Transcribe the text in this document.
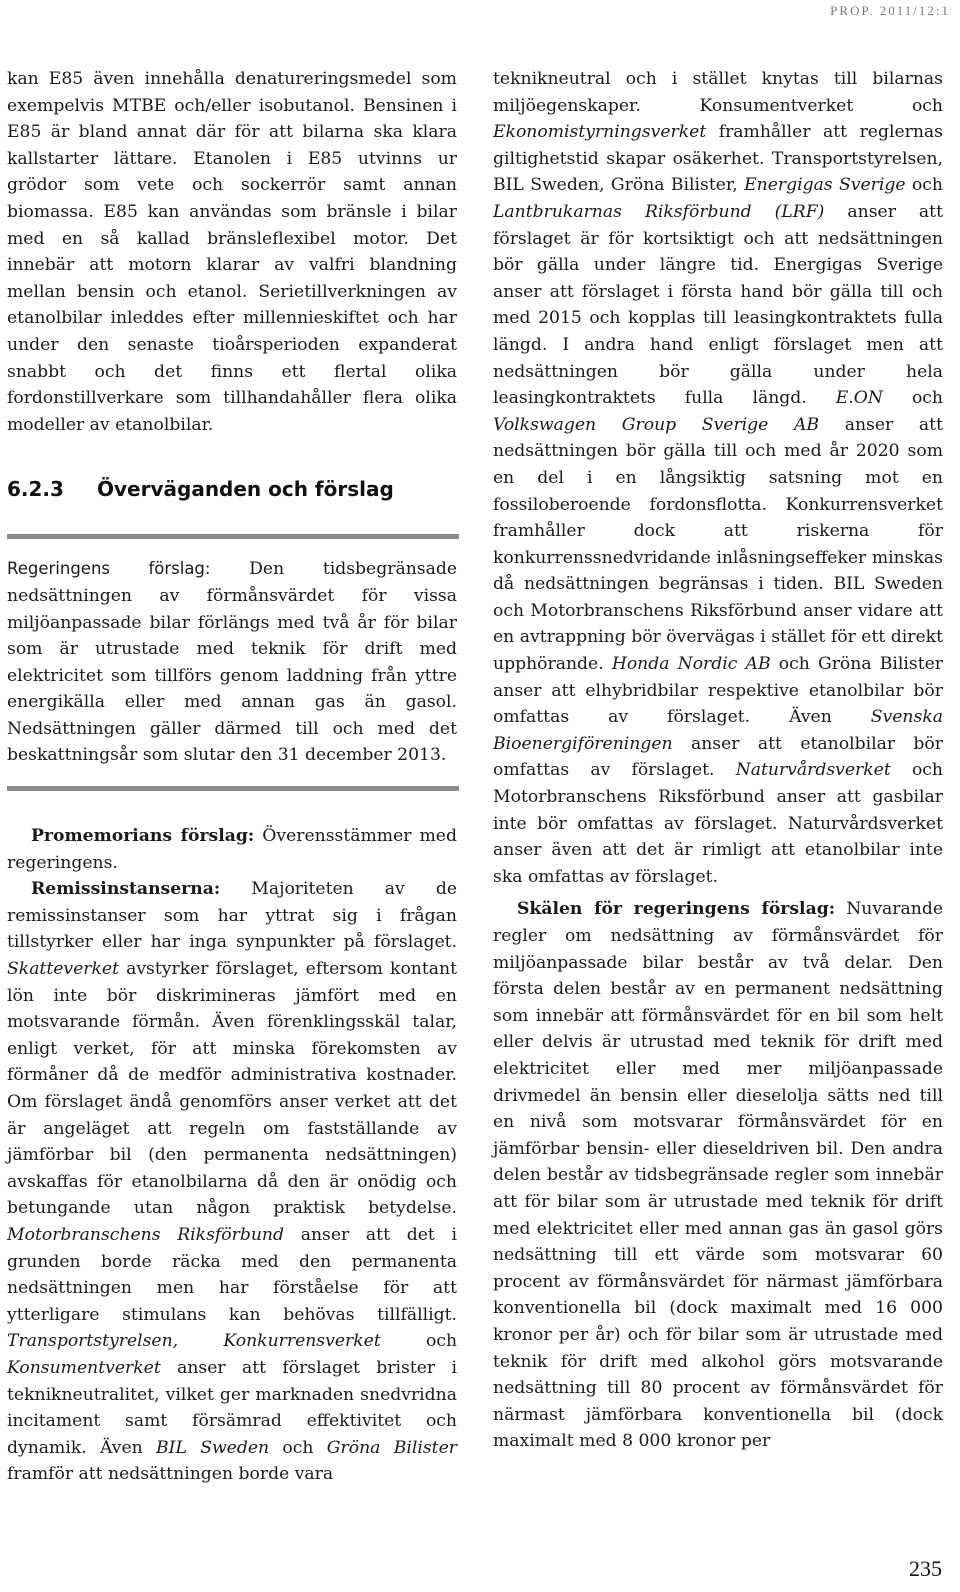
PROP. 2011/12:1

kan E85 även innehålla denatureringsmedel som exempelvis MTBE och/eller isobutanol. Bensinen i E85 är bland annat där för att bilarna ska klara kallstarter lättare. Etanolen i E85 utvinns ur grödor som vete och sockerrör samt annan biomassa. E85 kan användas som bränsle i bilar med en så kallad bränsleflexibel motor. Det innebär att motorn klarar av valfri blandning mellan bensin och etanol. Serietillverkningen av etanolbilar inleddes efter millennieskiftet och har under den senaste tioårsperioden expanderat snabbt och det finns ett flertal olika fordonstillverkare som tillhandahåller flera olika modeller av etanolbilar.

6.2.3 Överväganden och förslag

Regeringens förslag: Den tidsbegränsade nedsättningen av förmånsvärdet för vissa miljöanpassade bilar förlängs med två år för bilar som är utrustade med teknik för drift med elektricitet som tillförs genom laddning från yttre energikälla eller med annan gas än gasol. Nedsättningen gäller därmed till och med det beskattningsår som slutar den 31 december 2013.

Promemorians förslag: Överensstämmer med regeringens.

Remissinstanserna: Majoriteten av de remissinstanser som har yttrat sig i frågan tillstyrker eller har inga synpunkter på förslaget. Skatteverket avstyrker förslaget, eftersom kontant lön inte bör diskrimineras jämfört med en motsvarande förmån. Även förenklingsskäl talar, enligt verket, för att minska förekomsten av förmåner då de medför administrativa kostnader. Om förslaget ändå genomförs anser verket att det är angeläget att regeln om fastställande av jämförbar bil (den permanenta nedsättningen) avskaffas för etanolbilarna då den är onödig och betungande utan någon praktisk betydelse. Motorbranschens Riksförbund anser att det i grunden borde räcka med den permanenta nedsättningen men har förståelse för att ytterligare stimulans kan behövas tillfälligt. Transportstyrelsen, Konkurrensverket	och Konsumentverket anser att förslaget brister i teknikneutralitet, vilket ger marknaden snedvridna incitament samt försämrad effektivitet och dynamik. Även BIL Sweden och Gröna Bilister framför att nedsättningen borde vara

teknikneutral och i stället knytas till bilarnas miljöegenskaper. Konsumentverket och Ekonomistyrningsverket framhåller att reglernas giltighetstid skapar osäkerhet. Transportstyrelsen, BIL Sweden, Gröna Bilister, Energigas Sverige och Lantbrukarnas Riksförbund (LRF) anser att förslaget är för kortsiktigt och att nedsättningen bör gälla under längre tid. Energigas Sverige anser att förslaget i första hand bör gälla till och med 2015 och kopplas till leasingkontraktets fulla längd. I andra hand enligt förslaget men att nedsättningen bör gälla under hela leasingkontraktets fulla längd. E.ON och Volkswagen Group Sverige AB anser att nedsättningen bör gälla till och med år 2020 som en del i en långsiktig satsning mot en fossiloberoende fordonsflotta. Konkurrensverket framhåller dock att riskerna för konkurrenssnedvridande inlåsningseffeker minskas då nedsättningen begränsas i tiden. BIL Sweden och Motorbranschens Riksförbund anser vidare att en avtrappning bör övervägas i stället för ett direkt upphörande. Honda Nordic AB och Gröna Bilister anser att elhybridbilar respektive etanolbilar bör omfattas av förslaget. Även Svenska Bioenergiföreningen anser att etanolbilar bör omfattas av förslaget. Naturvårdsverket och Motorbranschens Riksförbund anser att gasbilar inte bör omfattas av förslaget. Naturvårdsverket anser även att det är rimligt att etanolbilar inte ska omfattas av förslaget.

Skälen för regeringens förslag: Nuvarande regler om nedsättning av förmånsvärdet för miljöanpassade bilar består av två delar. Den första delen består av en permanent nedsättning som innebär att förmånsvärdet för en bil som helt eller delvis är utrustad med teknik för drift med elektricitet eller med mer miljöanpassade drivmedel än bensin eller dieselolja sätts ned till en nivå som motsvarar förmånsvärdet för en jämförbar bensin- eller dieseldriven bil. Den andra delen består av tidsbegränsade regler som innebär att för bilar som är utrustade med teknik för drift med elektricitet eller med annan gas än gasol görs nedsättning till ett värde som motsvarar 60 procent av förmånsvärdet för närmast jämförbara konventionella bil (dock maximalt med 16 000 kronor per år) och för bilar som är utrustade med teknik för drift med alkohol görs motsvarande nedsättning till 80 procent av förmånsvärdet för närmast jämförbara konventionella bil (dock maximalt med 8 000 kronor per

235
